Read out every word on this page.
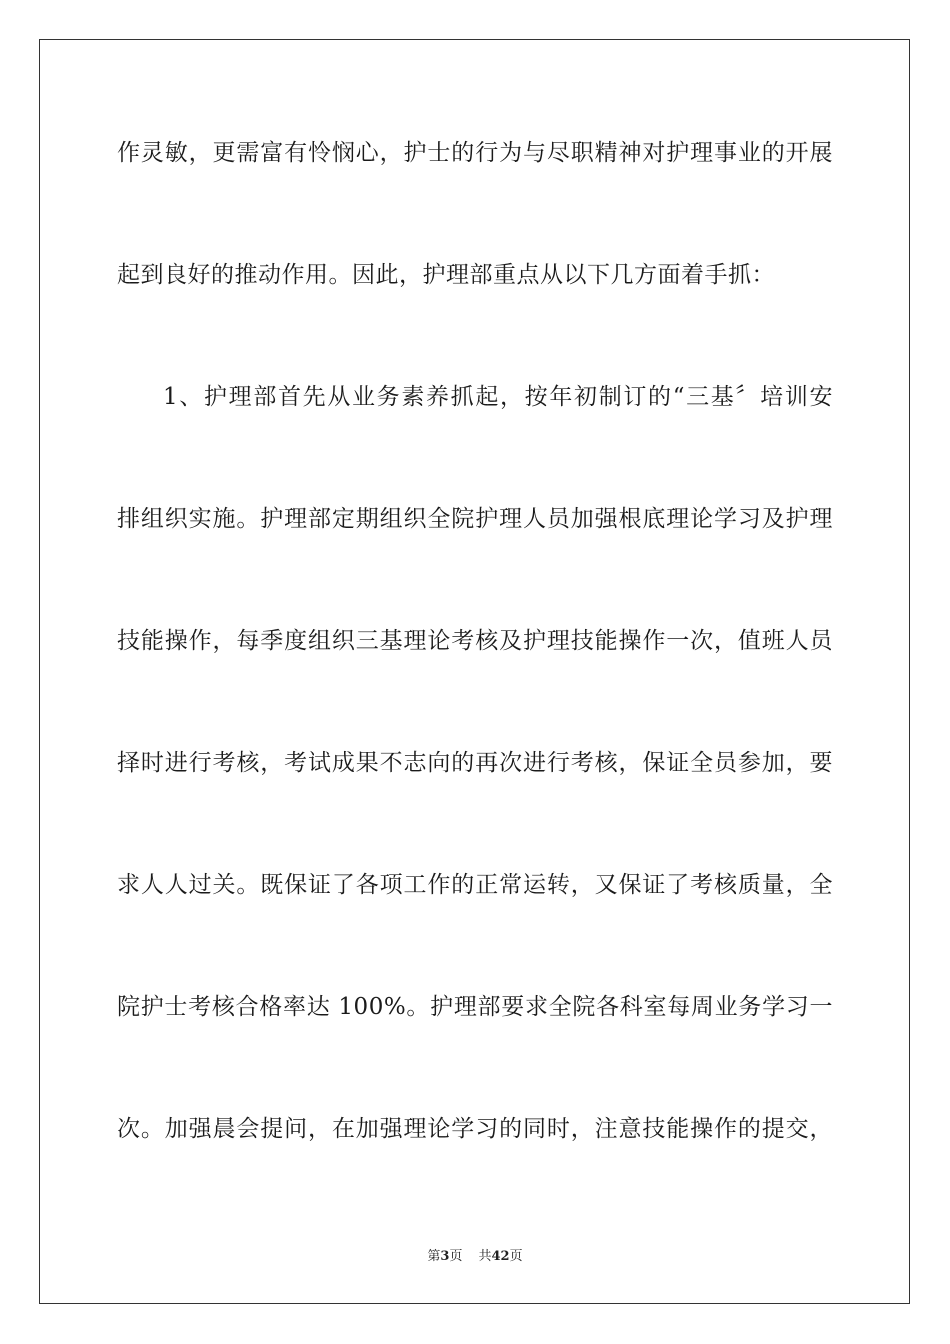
作灵敏，更需富有怜悯心，护士的行为与尽职精神对护理事业的开展
起到良好的推动作用。因此，护理部重点从以下几方面着手抓：
1、护理部首先从业务素养抓起，按年初制订的“三基〞培训安
排组织实施。护理部定期组织全院护理人员加强根底理论学习及护理
技能操作，每季度组织三基理论考核及护理技能操作一次，值班人员
择时进行考核，考试成果不志向的再次进行考核，保证全员参加，要
求人人过关。既保证了各项工作的正常运转，又保证了考核质量，全
院护士考核合格率达 100%。护理部要求全院各科室每周业务学习一
次。加强晨会提问，在加强理论学习的同时，注意技能操作的提交，
第3页 共42页
